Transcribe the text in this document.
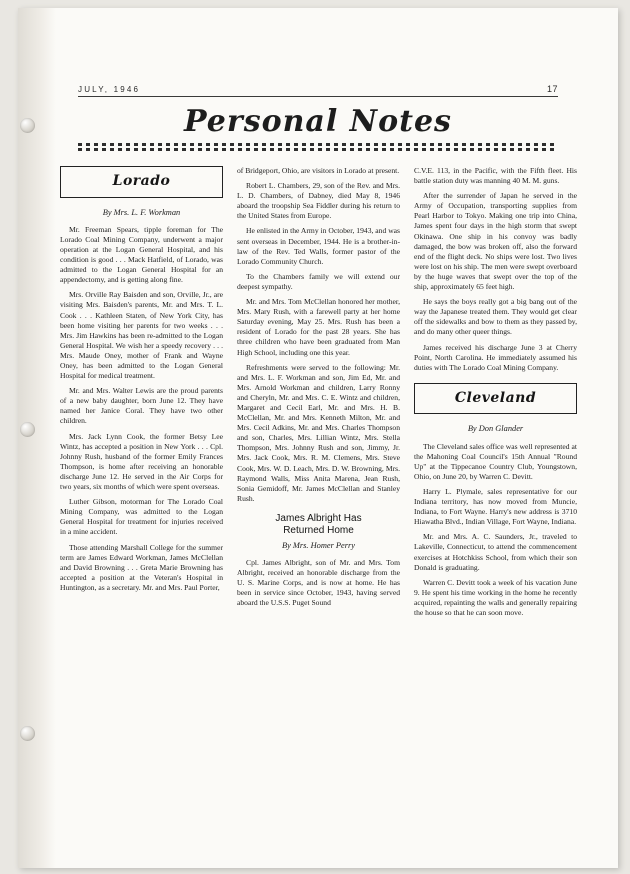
JULY, 1946	17
Personal Notes
Lorado
By Mrs. L. F. Workman

Mr. Freeman Spears, tipple foreman for The Lorado Coal Mining Company, underwent a major operation at the Logan General Hospital, and his condition is good . . . Mack Hatfield, of Lorado, was admitted to the Logan General Hospital for an appendectomy, and is getting along fine.

Mrs. Orville Ray Baisden and son, Orville, Jr., are visiting Mrs. Baisden's parents, Mr. and Mrs. T. L. Cook . . . Kathleen Staten, of New York City, has been home visiting her parents for two weeks . . . Mrs. Jim Hawkins has been re-admitted to the Logan General Hospital. We wish her a speedy recovery . . . Mrs. Maude Oney, mother of Frank and Wayne Oney, has been admitted to the Logan General Hospital for medical treatment.

Mr. and Mrs. Walter Lewis are the proud parents of a new baby daughter, born June 12. They have named her Janice Coral. They have two other children.

Mrs. Jack Lynn Cook, the former Betsy Lee Wintz, has accepted a position in New York . . . Cpl. Johnny Rush, husband of the former Emily Frances Thompson, is home after receiving an honorable discharge June 12. He served in the Air Corps for two years, six months of which were spent overseas.

Luther Gibson, motorman for The Lorado Coal Mining Company, was admitted to the Logan General Hospital for treatment for injuries received in a mine accident.

Those attending Marshall College for the summer term are James Edward Workman, James McClellan and David Browning . . . Greta Marie Browning has accepted a position at the Veteran's Hospital in Huntington, as a secretary. Mr. and Mrs. Paul Porter,

of Bridgeport, Ohio, are visitors in Lorado at present.

Robert L. Chambers, 29, son of the Rev. and Mrs. L. D. Chambers, of Dabney, died May 8, 1946 aboard the troopship Sea Fiddler during his return to the United States from Europe.

He enlisted in the Army in October, 1943, and was sent overseas in December, 1944. He is a brother-in-law of the Rev. Ted Walls, former pastor of the Lorado Community Church.

To the Chambers family we will extend our deepest sympathy.

Mr. and Mrs. Tom McClellan honored her mother, Mrs. Mary Rush, with a farewell party at her home Saturday evening, May 25. Mrs. Rush has been a resident of Lorado for the past 28 years. She has three children who have been graduated from Man High School, including one this year.

Refreshments were served to the following: Mr. and Mrs. L. F. Workman and son, Jim Ed, Mr. and Mrs. Arnold Workman and children, Larry Ronny and Cheryln, Mr. and Mrs. C. E. Wintz and children, Margaret and Cecil Earl, Mr. and Mrs. H. B. McClellan, Mr. and Mrs. Kenneth Milton, Mr. and Mrs. Cecil Adkins, Mr. and Mrs. Charles Thompson and son, Charles, Mrs. Lillian Wintz, Mrs. Stella Thompson, Mrs. Johnny Rush and son, Jimmy, Jr. Mrs. Jack Cook, Mrs. R. M. Clemens, Mrs. Steve Cook, Mrs. W. D. Leach, Mrs. D. W. Browning, Mrs. Raymond Walls, Miss Anita Marena, Jean Rush, Sonia Gemidoff, Mr. James McClellan and Stanley Rush.

James Albright Has
Returned Home
By Mrs. Homer Perry

Cpl. James Albright, son of Mr. and Mrs. Tom Albright, received an honorable discharge from the U. S. Marine Corps, and is now at home. He has been in service since October, 1943, having served aboard the U.S.S. Puget Sound

C.V.E. 113, in the Pacific, with the Fifth fleet. His battle station duty was manning 40 M. M. guns.

After the surrender of Japan he served in the Army of Occupation, transporting supplies from Pearl Harbor to Tokyo. Making one trip into China, James spent four days in the high storm that swept Okinawa. One ship in his convoy was badly damaged, the bow was broken off, also the forward end of the flight deck. No ships were lost. Two lives were lost on his ship. The men were swept overboard by the huge waves that swept over the top of the ship, approximately 65 feet high.

He says the boys really got a big bang out of the way the Japanese treated them. They would get clear off the sidewalks and bow to them as they passed by, and do many other queer things.

James received his discharge June 3 at Cherry Point, North Carolina. He immediately assumed his duties with The Lorado Coal Mining Company.

Cleveland
By Don Glander

The Cleveland sales office was well represented at the Mahoning Coal Council's 15th Annual "Round Up" at the Tippecanoe Country Club, Youngstown, Ohio, on June 20, by Warren C. Devitt.

Harry L. Plymale, sales representative for our Indiana territory, has now moved from Muncie, Indiana, to Fort Wayne. Harry's new address is 3710 Hiawatha Blvd., Indian Village, Fort Wayne, Indiana.

Mr. and Mrs. A. C. Saunders, Jr., traveled to Lakeville, Connecticut, to attend the commencement exercises at Hotchkiss School, from which their son Donald is graduating.

Warren C. Devitt took a week of his vacation June 9. He spent his time working in the home he recently acquired, repainting the walls and generally repairing the house so that he can soon move.
